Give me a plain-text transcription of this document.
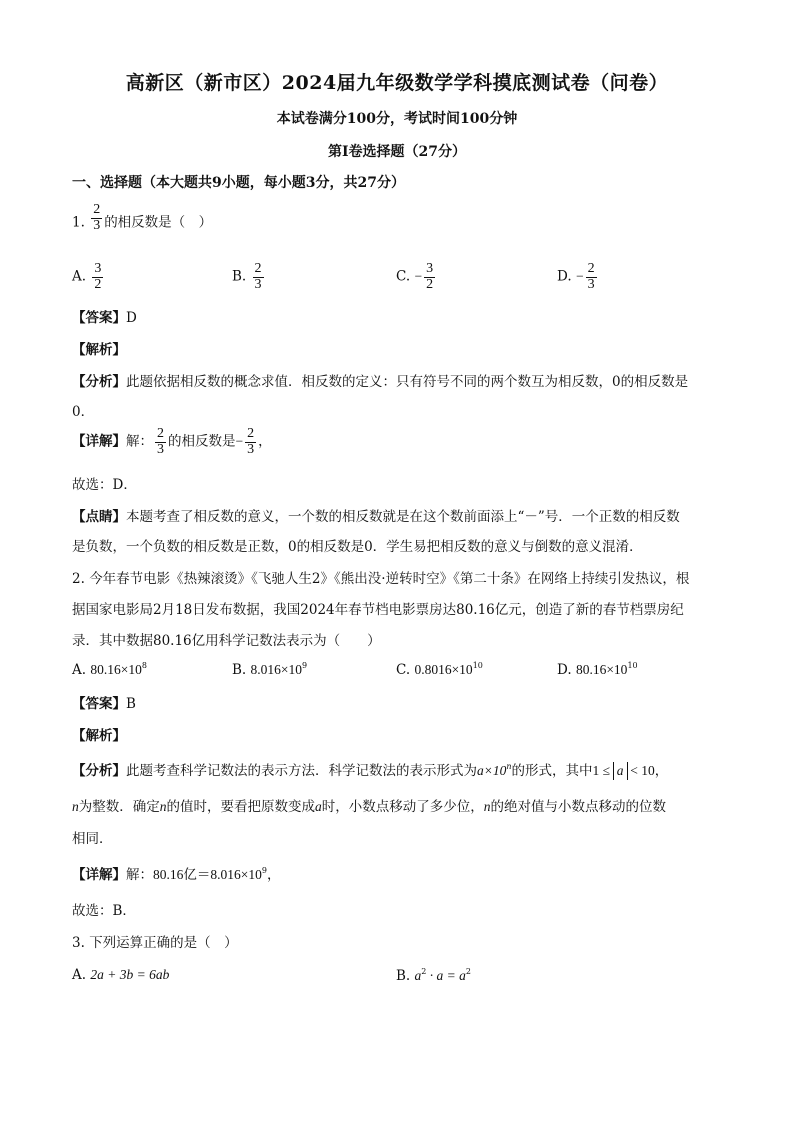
高新区（新市区）2024届九年级数学学科摸底测试卷（问卷）
本试卷满分100分，考试时间100分钟
第Ⅰ卷选择题（27分）
一、选择题（本大题共9小题，每小题3分，共27分）
1. $\frac{2}{3}$ 的相反数是（　）
A. $\frac{3}{2}$	B. $\frac{2}{3}$	C. − $\frac{3}{2}$	D. − $\frac{2}{3}$
【答案】D
【解析】
【分析】此题依据相反数的概念求值．相反数的定义：只有符号不同的两个数互为相反数，0的相反数是
0．
【详解】解： $\frac{2}{3}$ 的相反数是− $\frac{2}{3}$ ，
故选：D．
【点睛】本题考查了相反数的意义，一个数的相反数就是在这个数前面添上“－”号．一个正数的相反数
是负数，一个负数的相反数是正数，0的相反数是0．学生易把相反数的意义与倒数的意义混淆．
2. 今年春节电影《热辣滚烫》《飞驰人生2》《熊出没·逆转时空》《第二十条》在网络上持续引发热议，根
据国家电影局2月18日发布数据，我国2024年春节档电影票房达80.16亿元，创造了新的春节档票房纪
录．其中数据80.16亿用科学记数法表示为（　　）
A. $80.16\times 10^8$	B. $8.016\times 10^9$	C. $0.8016\times 10^{10}$	D. $80.16\times 10^{10}$
【答案】B
【解析】
【分析】此题考查科学记数法的表示方法．科学记数法的表示形式为$a\times 10^n$的形式，其中1 ≤  a  < 10，
n为整数．确定n的值时，要看把原数变成a时，小数点移动了多少位，n的绝对值与小数点移动的位数
相同．
【详解】解：80.16亿$=8.016\times 10^9$，
故选：B．
3. 下列运算正确的是（　）
A. 2a + 3b = 6ab	B. $a^2 \cdot a = a^2$
